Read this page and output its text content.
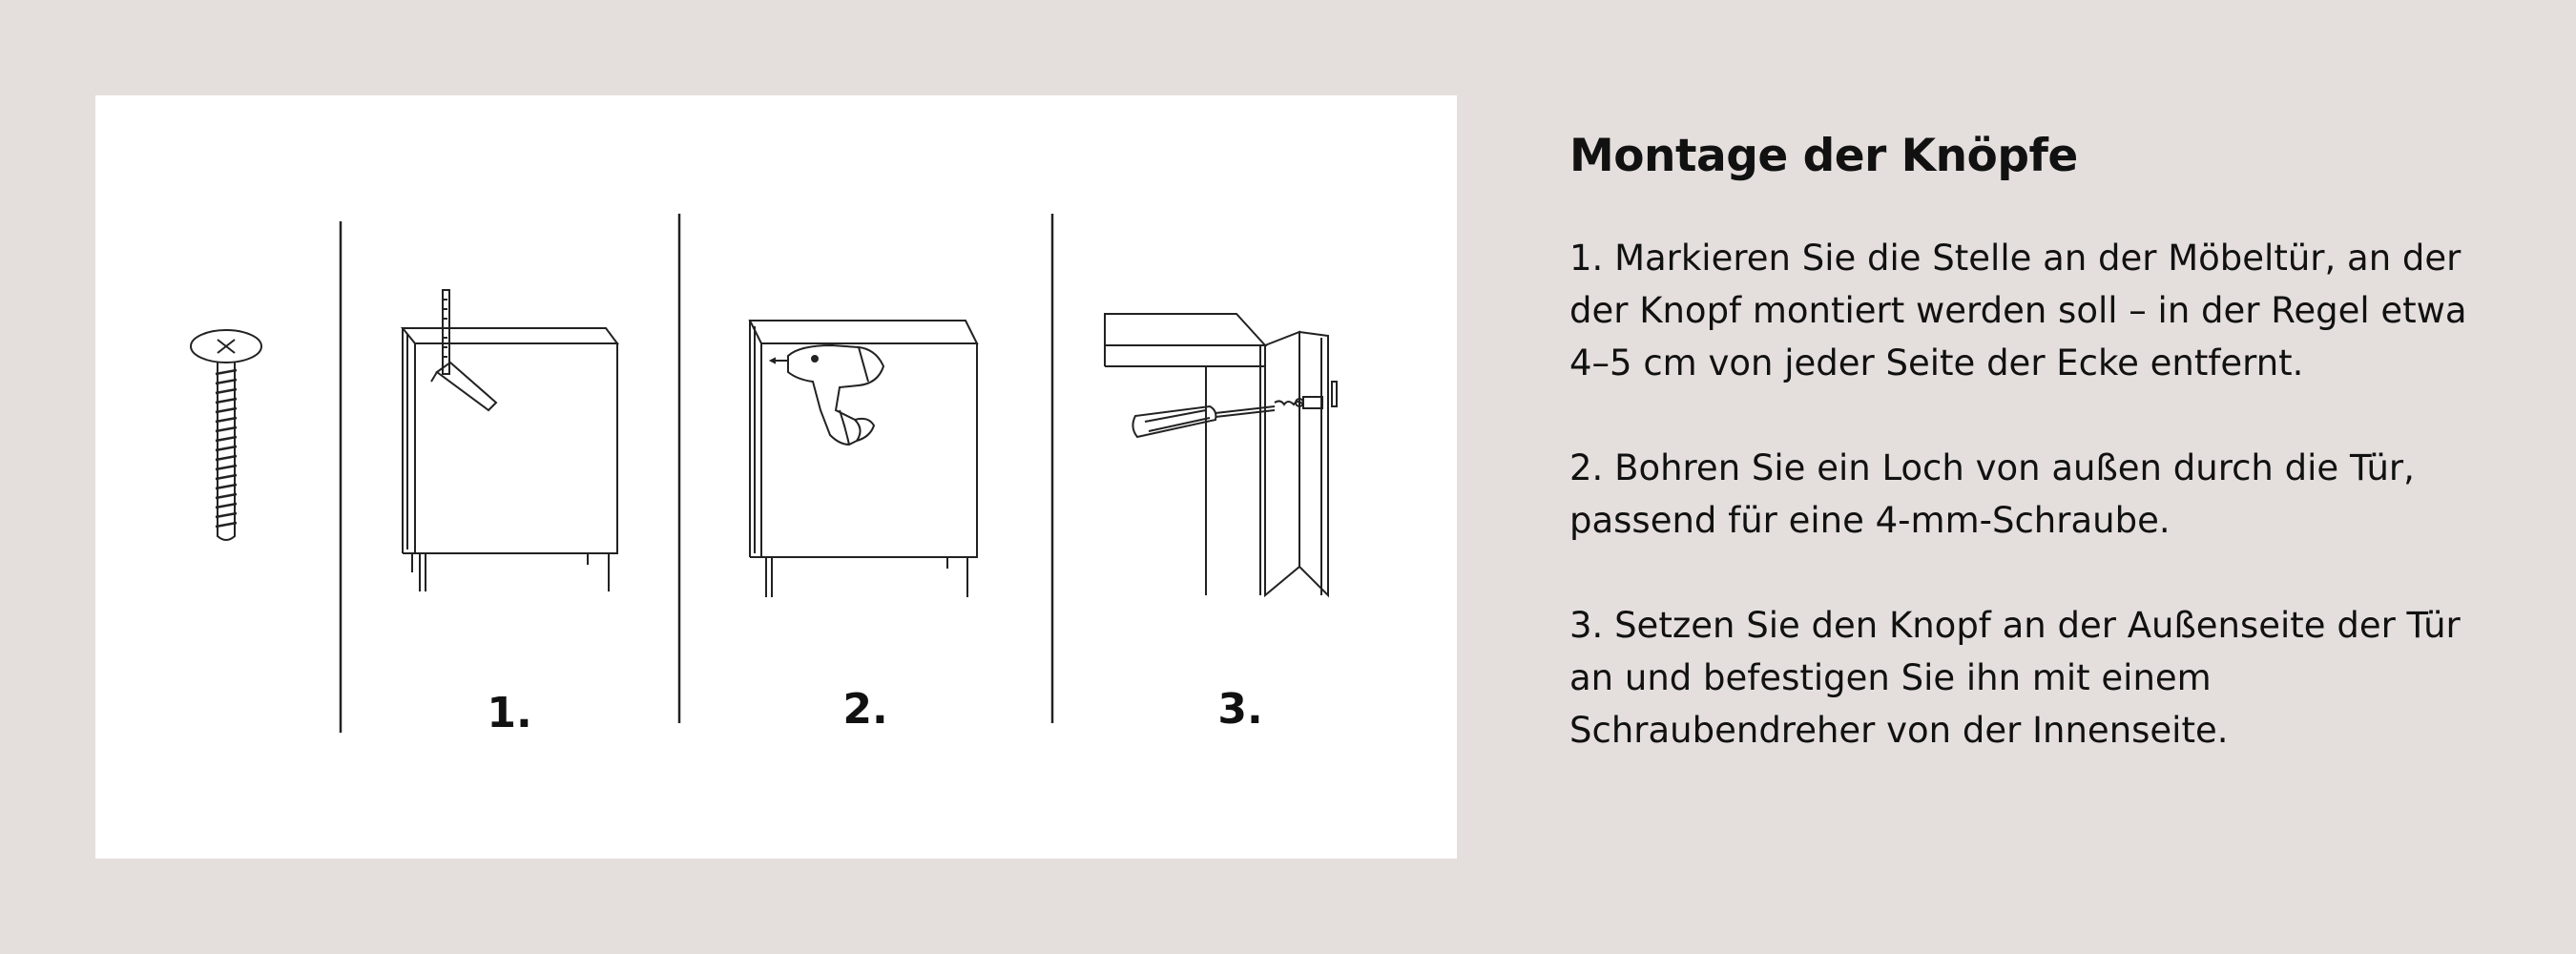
1.	2.	3.
Montage der Knöpfe

1. Markieren Sie die Stelle an der Möbeltür, an der der Knopf montiert werden soll – in der Regel etwa 4–5 cm von jeder Seite der Ecke entfernt.

2. Bohren Sie ein Loch von außen durch die Tür, passend für eine 4-mm-Schraube.

3. Setzen Sie den Knopf an der Außenseite der Tür an und befestigen Sie ihn mit einem Schraubendreher von der Innenseite.
